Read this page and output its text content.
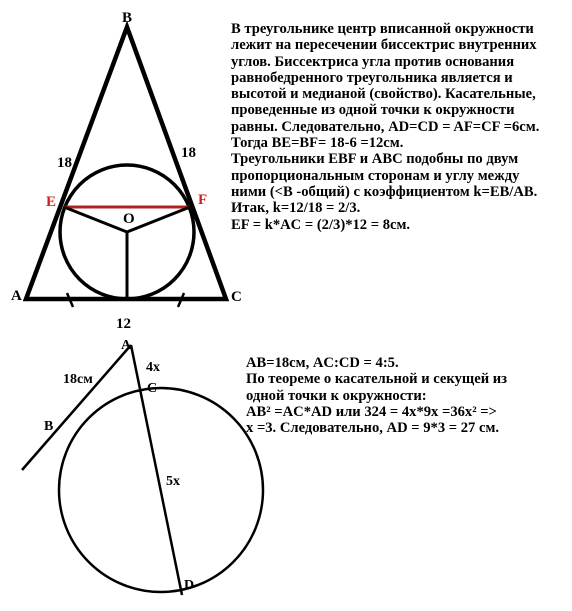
B
18
18
E	F
O
A	C
12
A
4x
C
18см
B
5x
D
В треугольнике центр вписанной окружности
лежит на пересечении биссектрис внутренних
углов. Биссектриса угла против основания
равнобедренного треугольника является и
высотой и медианой (свойство). Касательные,
проведенные из одной точки к окружности
равны. Следовательно, AD=CD = AF=CF =6см.
Тогда BE=BF= 18-6 =12см.
Треугольники EBF и ABC подобны по двум
пропорциональным сторонам и углу между
ними (<B -общий) с коэффициентом k=EB/AB.
Итак, k=12/18 = 2/3.
EF = k*AC = (2/3)*12 = 8см.
AB=18см, AC:CD = 4:5.
По теореме о касательной и секущей из
одной точки к окружности:
AB² =AC*AD или 324 = 4x*9x =36x² =>
x =3. Следовательно, AD = 9*3 = 27 см.
